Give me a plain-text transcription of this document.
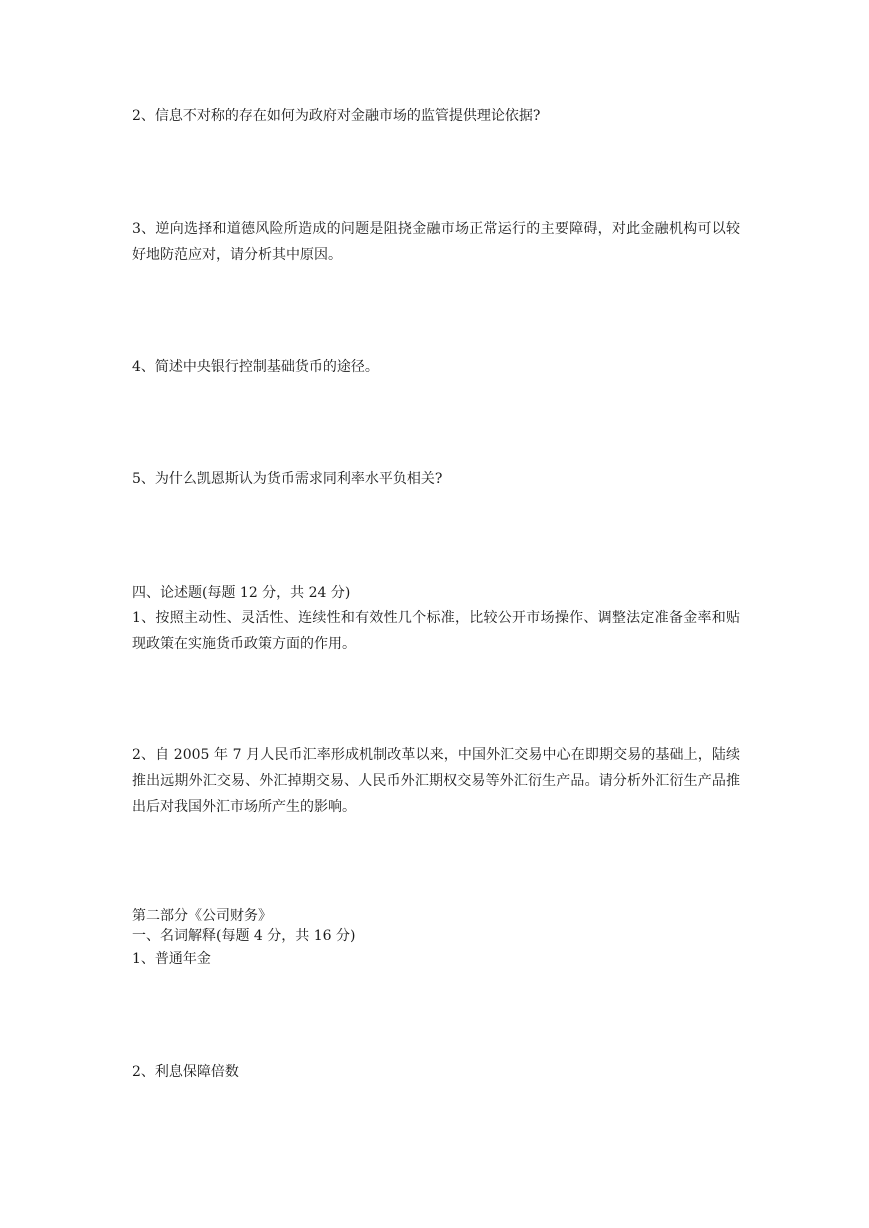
2、信息不对称的存在如何为政府对金融市场的监管提供理论依据?
3、逆向选择和道德风险所造成的问题是阻挠金融市场正常运行的主要障碍，对此金融机构可以较好地防范应对，请分析其中原因。
4、简述中央银行控制基础货币的途径。
5、为什么凯恩斯认为货币需求同利率水平负相关?
四、论述题(每题 12 分，共 24 分)
1、按照主动性、灵活性、连续性和有效性几个标准，比较公开市场操作、调整法定准备金率和贴现政策在实施货币政策方面的作用。
2、自 2005 年 7 月人民币汇率形成机制改革以来，中国外汇交易中心在即期交易的基础上，陆续推出远期外汇交易、外汇掉期交易、人民币外汇期权交易等外汇衍生产品。请分析外汇衍生产品推出后对我国外汇市场所产生的影响。
第二部分《公司财务》
一、名词解释(每题 4 分，共 16 分)
1、普通年金
2、利息保障倍数
